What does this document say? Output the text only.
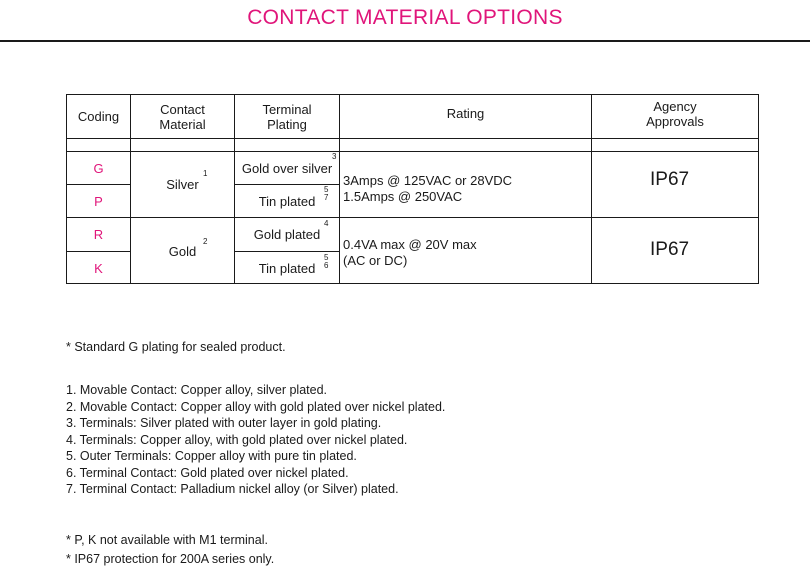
CONTACT MATERIAL OPTIONS
Coding	Contact
Material
Terminal
Plating
Rating	Agency
Approvals
G
P
R
K
Silver
1
Gold
2
Gold over silver
3
Tin plated
5
7
Gold plated
4
Tin plated
5
6
3Amps @ 125VAC or 28VDC
1.5Amps @ 250VAC
0.4VA max @ 20V max
(AC or DC)
IP67
IP67
* Standard G plating for sealed product.
1. Movable Contact: Copper alloy, silver plated.
2. Movable Contact: Copper alloy with gold plated over nickel plated.
3. Terminals: Silver plated with outer layer in gold plating.
4. Terminals: Copper alloy, with gold plated over nickel plated.
5. Outer Terminals: Copper alloy with pure tin plated.
6. Terminal Contact: Gold plated over nickel plated.
7. Terminal Contact: Palladium nickel alloy (or Silver) plated.
* P, K not available with M1 terminal.
* IP67 protection for 200A series only.
